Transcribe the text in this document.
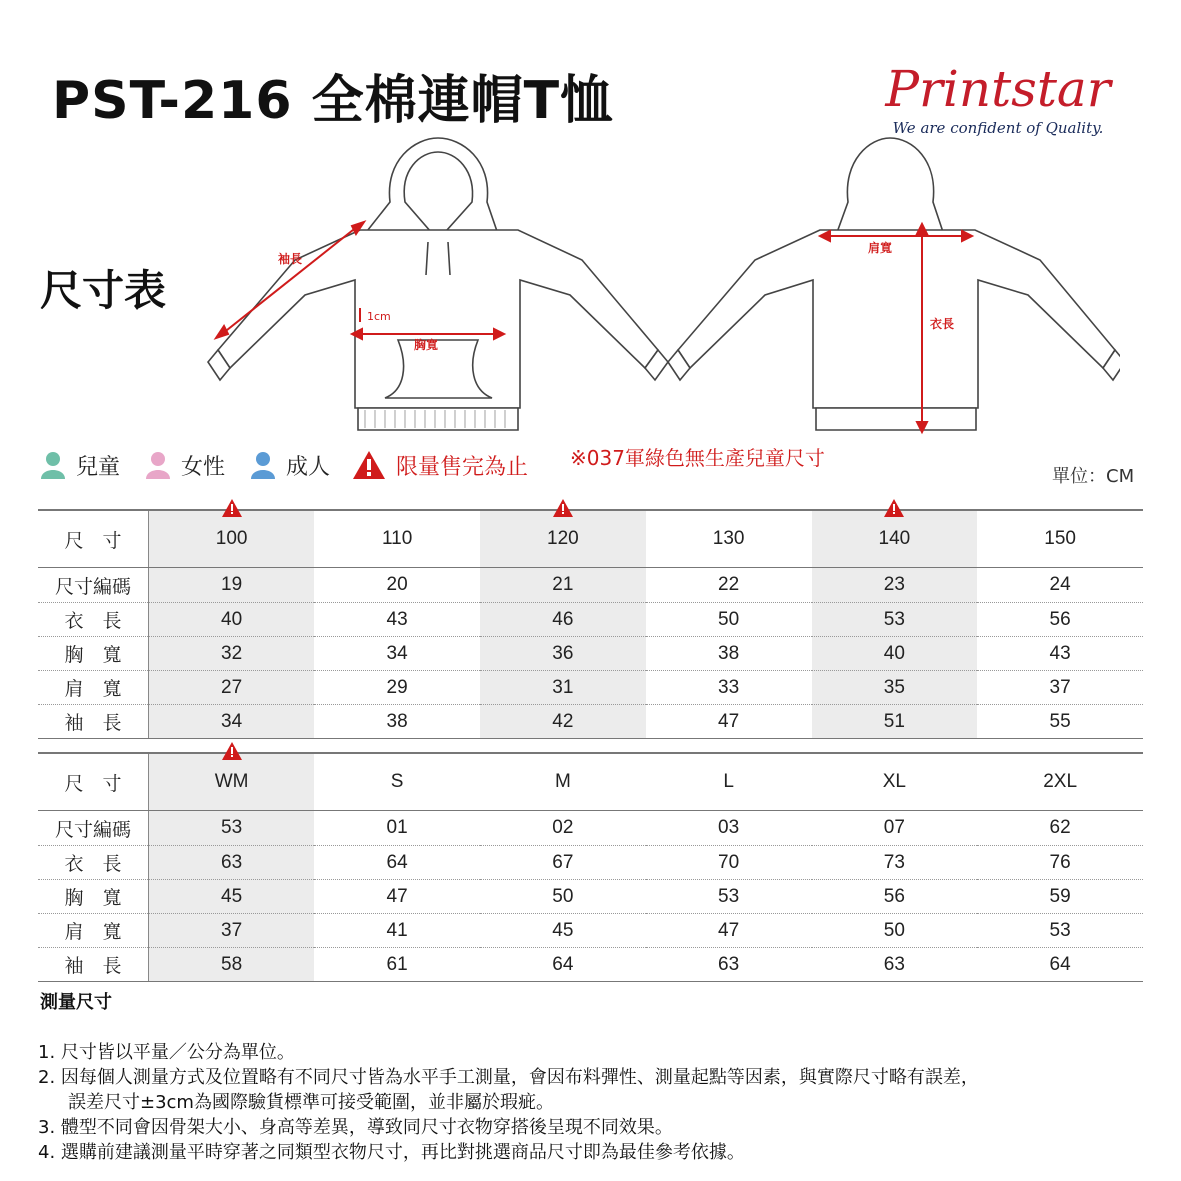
PST-216 全棉連帽T恤	Printstar
We are confident of Quality.
尺寸表
袖長
1cm
胸寬
肩寬
衣長
兒童	女性	成人	限量售完為止 ※037軍綠色無生產兒童尺寸
單位：CM
尺　寸	100	110	120	130	140	150
尺寸編碼	19	20	21	22	23	24
衣　長	40	43	46	50	53	56
胸　寬	32	34	36	38	40	43
肩　寬	27	29	31	33	35	37
袖　長	34	38	42	47	51	55
尺　寸	WM	S	M	L	XL	2XL
尺寸編碼	53	01	02	03	07	62
衣　長	63	64	67	70	73	76
胸　寬	45	47	50	53	56	59
肩　寬	37	41	45	47	50	53
袖　長	58	61	64	63	63	64
測量尺寸
1. 尺寸皆以平量／公分為單位。
2. 因每個人測量方式及位置略有不同尺寸皆為水平手工測量，會因布料彈性、測量起點等因素，與實際尺寸略有誤差，
誤差尺寸±3cm為國際驗貨標準可接受範圍，並非屬於瑕疵。
3. 體型不同會因骨架大小、身高等差異，導致同尺寸衣物穿搭後呈現不同效果。
4. 選購前建議測量平時穿著之同類型衣物尺寸，再比對挑選商品尺寸即為最佳參考依據。
